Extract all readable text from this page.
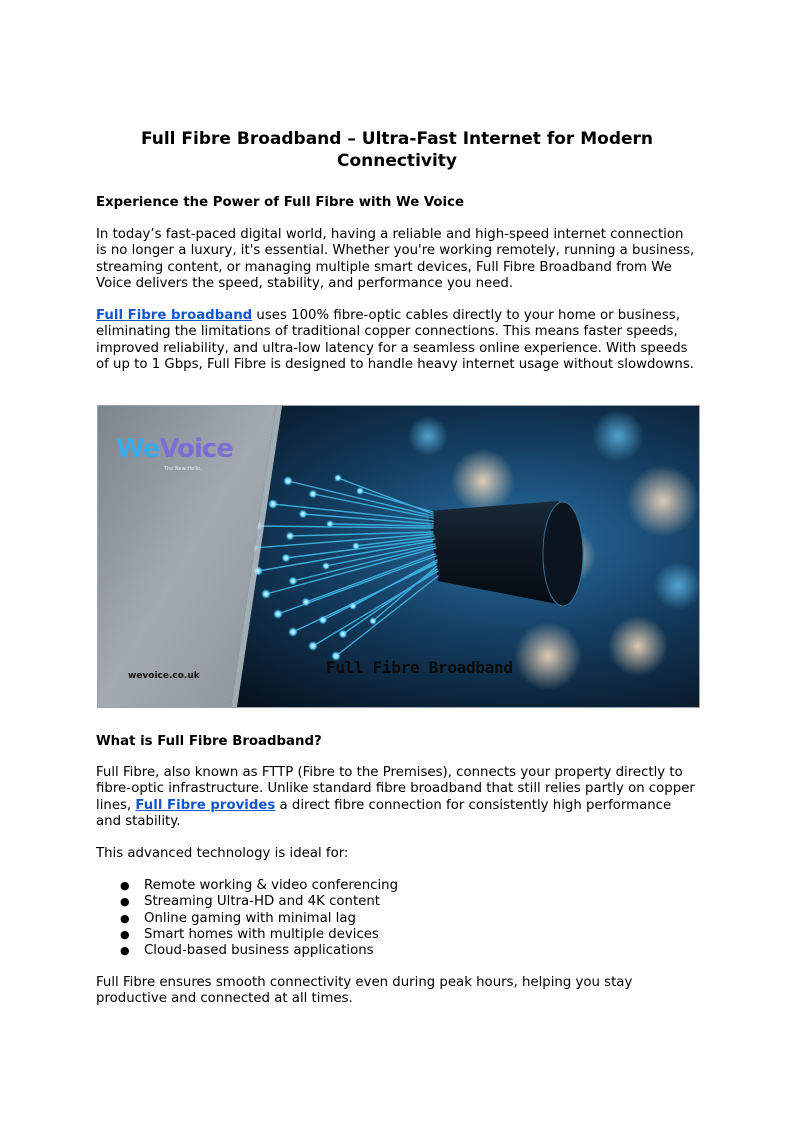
Full Fibre Broadband – Ultra-Fast Internet for Modern
Connectivity
Experience the Power of Full Fibre with We Voice

In today’s fast-paced digital world, having a reliable and high-speed internet connection is no longer a luxury, it's essential. Whether you're working remotely, running a business, streaming content, or managing multiple smart devices, Full Fibre Broadband from We Voice delivers the speed, stability, and performance you need.

Full Fibre broadband uses 100% fibre-optic cables directly to your home or business, eliminating the limitations of traditional copper connections. This means faster speeds, improved reliability, and ultra-low latency for a seamless online experience. With speeds of up to 1 Gbps, Full Fibre is designed to handle heavy internet usage without slowdowns.

What is Full Fibre Broadband?

Full Fibre, also known as FTTP (Fibre to the Premises), connects your property directly to fibre-optic infrastructure. Unlike standard fibre broadband that still relies partly on copper lines, Full Fibre provides a direct fibre connection for consistently high performance and stability.

This advanced technology is ideal for:

● Remote working & video conferencing
● Streaming Ultra-HD and 4K content
● Online gaming with minimal lag
● Smart homes with multiple devices
● Cloud-based business applications

Full Fibre ensures smooth connectivity even during peak hours, helping you stay productive and connected at all times.

WeVoice
The New Hello.
wevoice.co.uk	Full Fibre Broadband
